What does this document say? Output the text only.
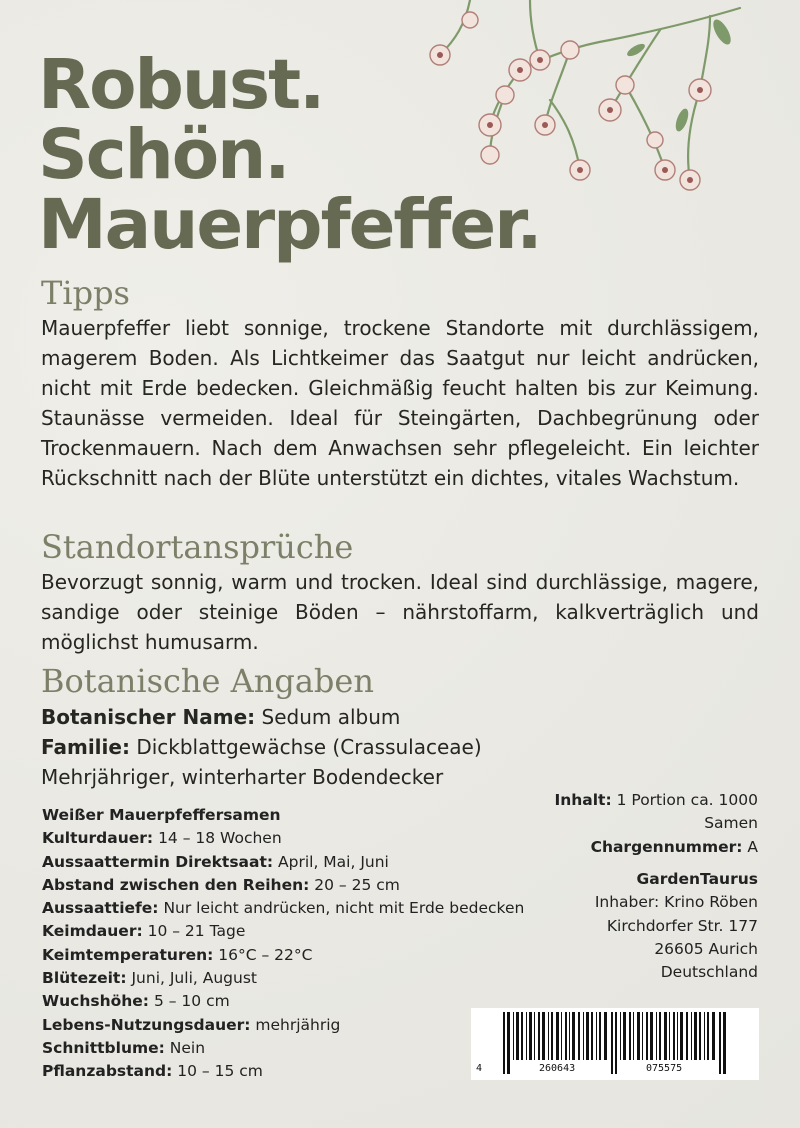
Robust.
Schön.
Mauerpfeffer.
Tipps

Mauerpfeffer liebt sonnige, trockene Standorte mit durchlässigem, magerem Boden. Als Lichtkeimer das Saatgut nur leicht andrücken, nicht mit Erde bedecken. Gleichmäßig feucht halten bis zur Keimung. Staunässe vermeiden. Ideal für Steingärten, Dachbegrünung oder Trockenmauern. Nach dem Anwachsen sehr pflegeleicht. Ein leichter Rückschnitt nach der Blüte unterstützt ein dichtes, vitales Wachstum.

Standortansprüche

Bevorzugt sonnig, warm und trocken. Ideal sind durchlässige, magere, sandige oder steinige Böden – nährstoffarm, kalkverträglich und möglichst humusarm.

Botanische Angaben
Botanischer Name: Sedum album
Familie: Dickblattgewächse (Crassulaceae)
Mehrjähriger, winterharter Bodendecker
Weißer Mauerpfeffersamen
Kulturdauer: 14 – 18 Wochen
Aussaattermin Direktsaat: April, Mai, Juni
Abstand zwischen den Reihen: 20 – 25 cm
Aussaattiefe: Nur leicht andrücken, nicht mit Erde bedecken
Keimdauer: 10 – 21 Tage
Keimtemperaturen: 16°C – 22°C
Blütezeit: Juni, Juli, August
Wuchshöhe: 5 – 10 cm
Lebens-Nutzungsdauer: mehrjährig
Schnittblume: Nein
Pflanzabstand: 10 – 15 cm
Inhalt: 1 Portion ca. 1000
Samen
Chargennummer: A
GardenTaurus
Inhaber: Krino Röben
Kirchdorfer Str. 177
26605 Aurich
Deutschland
4	260643	075575
